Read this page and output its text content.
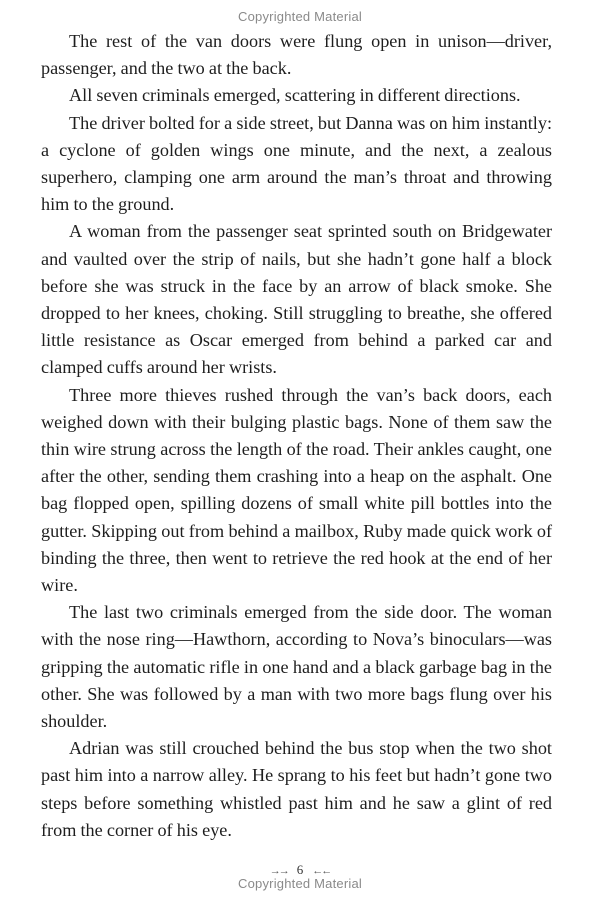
Copyrighted Material

The rest of the van doors were flung open in unison—driver, passenger, and the two at the back.

All seven criminals emerged, scattering in different directions.

The driver bolted for a side street, but Danna was on him instantly: a cyclone of golden wings one minute, and the next, a zealous superhero, clamping one arm around the man’s throat and throwing him to the ground.

A woman from the passenger seat sprinted south on Bridgewater and vaulted over the strip of nails, but she hadn’t gone half a block before she was struck in the face by an arrow of black smoke. She dropped to her knees, choking. Still struggling to breathe, she offered little resistance as Oscar emerged from behind a parked car and clamped cuffs around her wrists.

Three more thieves rushed through the van’s back doors, each weighed down with their bulging plastic bags. None of them saw the thin wire strung across the length of the road. Their ankles caught, one after the other, sending them crashing into a heap on the asphalt. One bag flopped open, spilling dozens of small white pill bottles into the gutter. Skipping out from behind a mailbox, Ruby made quick work of binding the three, then went to retrieve the red hook at the end of her wire.

The last two criminals emerged from the side door. The woman with the nose ring—Hawthorn, according to Nova’s binoculars—was gripping the automatic rifle in one hand and a black garbage bag in the other. She was followed by a man with two more bags flung over his shoulder.

Adrian was still crouched behind the bus stop when the two shot past him into a narrow alley. He sprang to his feet but hadn’t gone two steps before something whistled past him and he saw a glint of red from the corner of his eye.

→→ 6 ←←
Copyrighted Material
